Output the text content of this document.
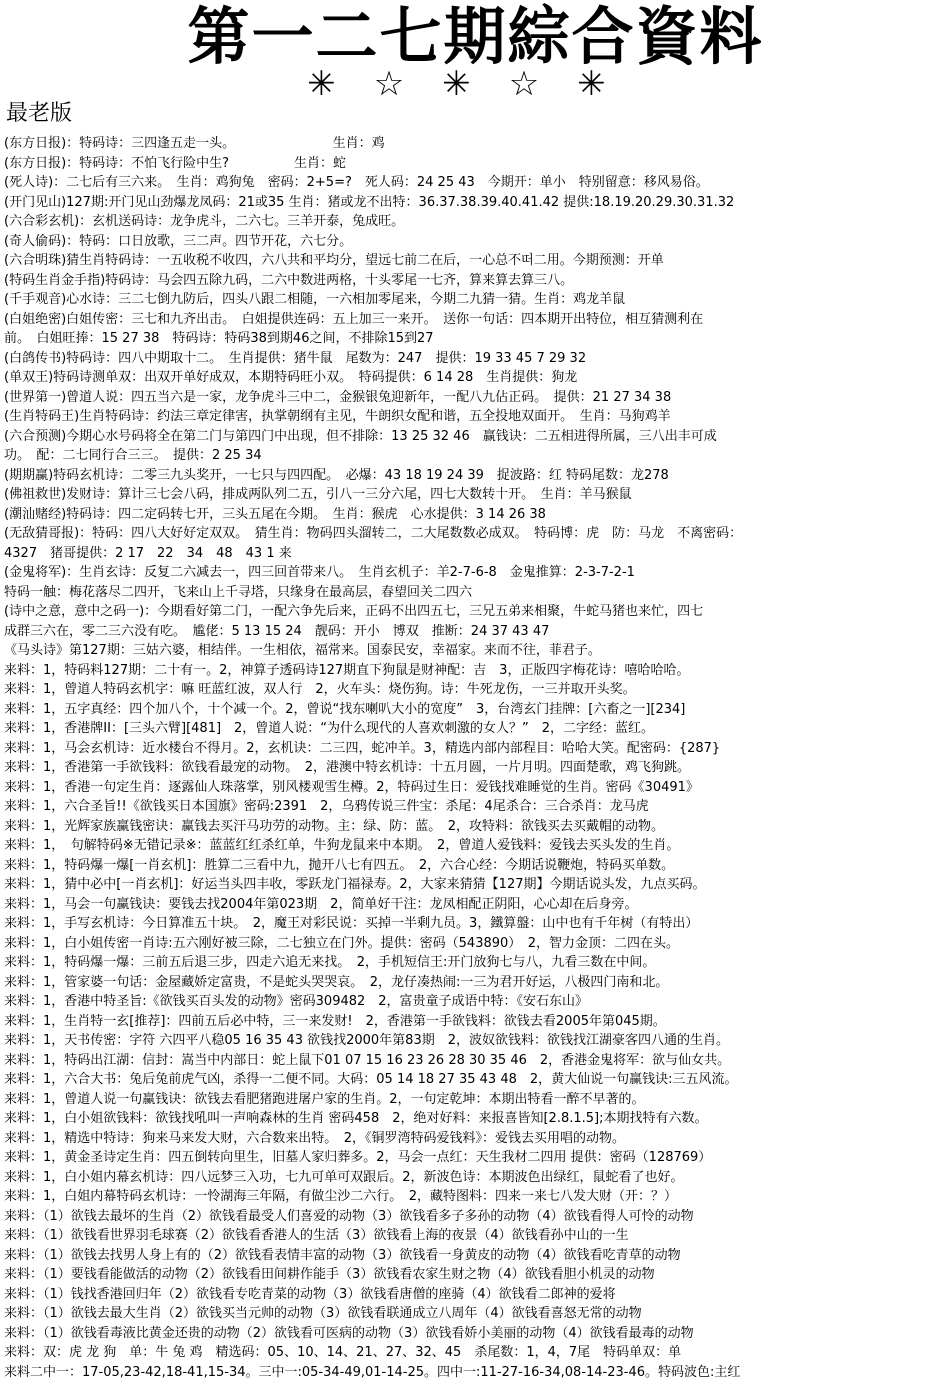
第一二七期綜合資料
✳☆✳☆✳
最老版
(东方日报)：特码诗：三四逢五走一头。　　　　　　　　生肖：鸡
(东方日报)：特码诗：不怕飞行险中生?　　　　　生肖：蛇
(死人诗)：二七后有三六来。　生肖：鸡狗兔　密码：2+5=?　死人码：24 25 43　今期开：单小　特别留意：移风易俗。
(开门见山)127期:开门见山劲爆龙凤码：21或35 生肖：猪或龙不出特：36.37.38.39.40.41.42 提供:18.19.20.29.30.31.32
(六合彩玄机)：玄机送码诗：龙争虎斗，二六七。三羊开泰，兔成旺。
(奇人偷码)：特码：口日放歌，三二声。四节开花，六七分。
(六合明珠)猜生肖特码诗：一五收税不收四，六八共和平均分，望远七前二在后，一心总不떠二用。今期预测：开单
(特码生肖金手指)特码诗：马会四五除九码，二六中数进两格，十头零尾一七齐，算来算去算三八。
(千手观音)心水诗：三二七倒九防后，四头八跟二相随，一六相加零尾来，今期二九猜一猜。生肖：鸡龙羊鼠
(白姐绝密)白姐传密：三七和九齐出击。　白姐提供连码：五上加三一来开。　送你一句话：四本期开出特位，相互猜测利在
前。　白姐旺捧：15 27 38　特码诗：特码38到期46之间，不排除15到27
(白鸽传书)特码诗：四八中期取十二。　生肖提供：猪牛鼠　尾数为：247　提供：19 33 45 7 29 32
(单双王)特码诗测单双：出双开单好成双，本期特码旺小双。　特码提供：6 14 28　生肖提供：狗龙
(世界第一)曾道人说：四五当六是一家，龙争虎斗三中二，金猴银兔迎新年，一配八九佔正码。　提供：21 27 34 38
(生肖特码王)生肖特码诗：约法三章定律害，执掌朝纲有主见，牛朗织女配和谐，五全投地双面开。　生肖：马狗鸡羊
(六合预测)今期心水号码将全在第二门与第四门中出现，但不排除：13 25 32 46　赢钱诀：二五相进得所属，三八出丰可成
功。　配：二七同行合三三。　提供：2 25 34
(期期赢)特码玄机诗：二零三九头奖开，一七只与四四配。　必爆：43 18 19 24 39　捉波路：红 特码尾数：龙278
(佛祖救世)发财诗：算计三七会八码，排成两队列二五，引八一三分六尾，四七大数转十开。　生肖：羊马猴鼠
(潮汕赌经)特码诗：四二定码转七开，三头五尾在今期。　生肖：猴虎　心水提供：3 14 26 38
(无敌猜哥报)：特码：四八大好好定双双。　猜生肖：物码四头溜转二，二大尾数数必成双。　特码博：虎　防：马龙　不离密码：
4327　猪哥提供：2 17　22　34　48　43 1 来
(金鬼将军)：生肖玄诗：反复二六减去一，四三回首带来八。　生肖玄机子：羊2-7-6-8　金鬼推算：2-3-7-2-1
特码一触：梅花落尽二四开，飞来山上千寻塔，只缘身在最高层，春望回关二四六
(诗中之意，意中之码一)：今期看好第二门，一配六争先后来，正码不出四五七，三兄五弟来相聚，牛蛇马猪也来忙，四七
成群三六在，零二三六没有吃。　尴佬：5 13 15 24　靓码：开小　博双　推断：24 37 43 47
《马头诗》第127期：三姑六婆，相结伴。一生相依，福常来。国泰民安，幸福家。来而不往，菲君子。
来料：1，特码料127期：二十有一。2，神算子透码诗127期直下狗鼠是财神配：吉　3，正版四字梅花诗：嘻哈哈哈。
来料：1，曾道人特码玄机字：嘛 旺蓝红波，双人行　2，火车头：烧伤狗。诗：牛死龙伤，一三并取开头奖。
来料：1，五字真经：四个加八个，十个减一个。2，曾说“找东喇叭大小的宽度”　3，台湾玄门挂牌：[六畜之一][234]
来料：1，香港牌II：[三头六臂][481]　2，曾道人说：“为什么现代的人喜欢刺激的女人？”　2，二字经：蓝红。
来料：1，马会玄机诗：近水楼台不得月。2，玄机诀：二三四，蛇冲羊。3，精选内部内部程目：哈哈大笑。配密码：{287}
来料：1，香港第一手欲钱料：欲钱看最宠的动物。　2，港澳中特玄机诗：十五月圆，一片月明。四面楚歌，鸡飞狗跳。
来料：1，香港一句定生肖：逐露仙人珠落掌，别风楼观雪生樽。2，特码过生日：爱钱找难睡觉的生肖。密码《30491》
来料：1，六合圣旨!!《欲钱买日本国旗》密码:2391　2，乌鸦传说三件宝：杀尾：4尾杀合：三合杀肖：龙马虎
来料：1，光辉家族赢钱密诀：赢钱去买汗马功劳的动物。主：绿、防：蓝。　2，攻特料：欲钱买去买戴帽的动物。
来料：1，　句解特码※无错记录※：蓝蓝红红杀红单，牛狗龙鼠来中本期。　2，曾道人爱钱料：爱钱去买头发的生肖。
来料：1，特码爆一爆[一肖玄机]：胜算二三看中九，抛开八七有四五。　2，六合心经：今期话说鞭炮，特码买单数。
来料：1，猜中必中[一肖玄机]：好运当头四丰收，零跃龙门福禄寿。2，大家来猜猜【127期】今期话说头发，九点买码。
来料：1，马会一句赢钱诀：要钱去找2004年第023期　2，简单好干注：龙凤相配正阴阳，心心却在后身旁。
来料：1，手写玄机诗：今日算准五十块。　2，魔王对彩民说：买掉一半剩九员。3，鐵算盤：山中也有千年树（有特出）
来料：1，白小姐传密一肖诗:五六刚好被三除，二七独立在门外。提供：密码（543890）　2，智力金顶：二四在头。
来料：1，特码爆一爆：三前五后退三步，四走六追无来找。　2，手机短信王:开门放狗七与八，九看三数在中间。
来料：1，管家婆一句话：金屋藏娇定富贵，不是蛇头哭哭哀。　2，龙仔凑热闹:一三为君开好运，八极四门南和北。
来料：1，香港中特圣旨:《欲钱买百头发的动物》密码309482　2，富贵童子成语中特：《安石东山》
来料：1，生肖特一玄[推荐]：四前五后必中特，三一来发财!　2，香港第一手欲钱料：欲钱去看2005年第045期。
来料：1，天书传密：字符 六四平八稳05 16 35 43 欲钱找2000年第83期　2，波奴欲钱料：欲钱找江湖豪客四八通的生肖。
来料：1，特码出江湖：信封：嵩当中内部日：蛇上鼠下01 07 15 16 23 26 28 30 35 46　2，香港金鬼将军：欲与仙女共。
来料：1，六合大书：兔后兔前虎气凶，杀得一二便不同。大码：05 14 18 27 35 43 48　2，黄大仙说一句赢钱诀:三五风流。
来料：1，曾道人说一句赢钱诀：欲钱去看肥猪跑进屠户家的生肖。2，一句定乾坤：本期出特看一醉不早著的。
来料：1，白小姐欲钱料：欲钱找吼叫一声响森林的生肖 密码458　2，绝对好料：来报喜皆知[2.8.1.5];本期找特有六数。
来料：1，精选中特诗：狗来马来发大财，六合数来出特。　2，《铜罗湾特码爱钱料》：爱钱去买用唱的动物。
来料：1，黄金圣诗定生肖：四五倒转向里生，旧墓人家归葬多。2，马会一点红：天生我材二四用 提供：密码（128769）
来料：1，白小姐内幕玄机诗：四八远梦三入功，七九可单可双跟后。2，新波色诗：本期波色出绿红，鼠蛇看了也好。
来料：1，白姐内幕特码玄机诗：一怜湖海三年隔，有做尘沙二六行。　2，藏特图料：四来一来七八发大财（开：？）
来料：（1）欲钱去最坏的生肖（2）欲钱看最受人们喜爱的动物（3）欲钱看多子多孙的动物（4）欲钱看得人可怜的动物
来料：（1）欲钱看世界羽毛球赛（2）欲钱看香港人的生活（3）欲钱看上海的夜景（4）欲钱看孙中山的一生
来料：（1）欲钱去找男人身上有的（2）欲钱看表情丰富的动物（3）欲钱看一身黄皮的动物（4）欲钱看吃青草的动物
来料：（1）要钱看能做活的动物（2）欲钱看田间耕作能手（3）欲钱看农家生财之物（4）欲钱看胆小机灵的动物
来料：（1）钱找香港回归年（2）欲钱看专吃青菜的动物（3）欲钱看唐僧的座骑（4）欲钱看二郎神的爱将
来料：（1）欲钱去最大生肖（2）欲钱买当元帅的动物（3）欲钱看联通成立八周年（4）欲钱看喜怒无常的动物
来料：（1）欲钱看毒液比黄金还贵的动物（2）欲钱看可医病的动物（3）欲钱看娇小美丽的动物（4）欲钱看最毒的动物
来料：双：虎 龙 狗　单：牛 兔 鸡　精选码：05、10、14、21、27、32、45　杀尾数：1，4，7尾　特码单双：单
来料二中一：17-05,23-42,18-41,15-34。三中一:05-34-49,01-14-25。四中一:11-27-16-34,08-14-23-46。特码波色:主红
